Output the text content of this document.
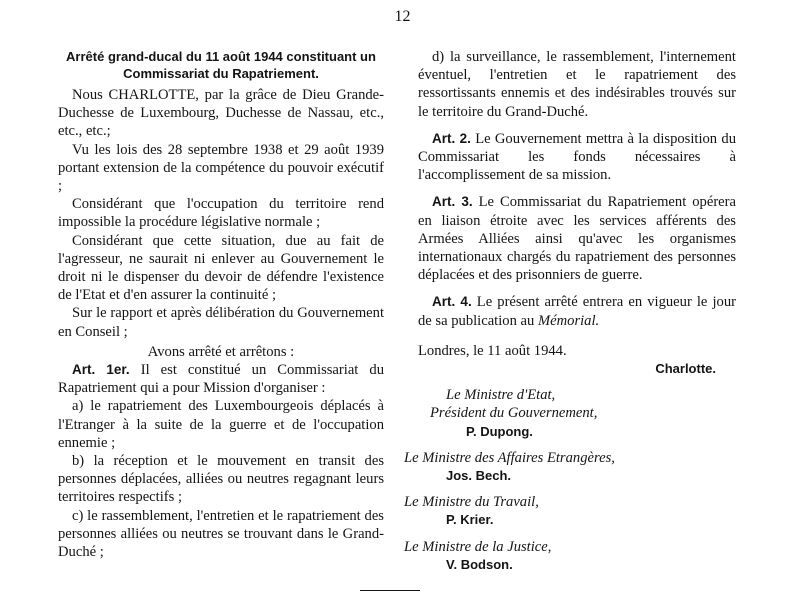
12

Arrêté grand-ducal du 11 août 1944 constituant un Commissariat du Rapatriement.

Nous CHARLOTTE, par la grâce de Dieu Grande-Duchesse de Luxembourg, Duchesse de Nassau, etc., etc., etc.;

Vu les lois des 28 septembre 1938 et 29 août 1939 portant extension de la compétence du pouvoir exécutif ;

Considérant que l'occupation du territoire rend impossible la procédure législative normale ;

Considérant que cette situation, due au fait de l'agresseur, ne saurait ni enlever au Gouvernement le droit ni le dispenser du devoir de défendre l'existence de l'Etat et d'en assurer la continuité ;

Sur le rapport et après délibération du Gouvernement en Conseil ;

Avons arrêté et arrêtons :

Art. 1er. Il est constitué un Commissariat du Rapatriement qui a pour Mission d'organiser :

a) le rapatriement des Luxembourgeois déplacés à l'Etranger à la suite de la guerre et de l'occupation ennemie ;

b) la réception et le mouvement en transit des personnes déplacées, alliées ou neutres regagnant leurs territoires respectifs ;

c) le rassemblement, l'entretien et le rapatriement des personnes alliées ou neutres se trouvant dans le Grand-Duché ;

d) la surveillance, le rassemblement, l'internement éventuel, l'entretien et le rapatriement des ressortissants ennemis et des indésirables trouvés sur le territoire du Grand-Duché.

Art. 2. Le Gouvernement mettra à la disposition du Commissariat les fonds nécessaires à l'accomplissement de sa mission.

Art. 3. Le Commissariat du Rapatriement opérera en liaison étroite avec les services afférents des Armées Alliées ainsi qu'avec les organismes internationaux chargés du rapatriement des personnes déplacées et des prisonniers de guerre.

Art. 4. Le présent arrêté entrera en vigueur le jour de sa publication au Mémorial.

Londres, le 11 août 1944.

Charlotte.

Le Ministre d'Etat,

Président du Gouvernement,

P. Dupong.

Le Ministre des Affaires Etrangères,

Jos. Bech.

Le Ministre du Travail,

P. Krier.

Le Ministre de la Justice,

V. Bodson.
